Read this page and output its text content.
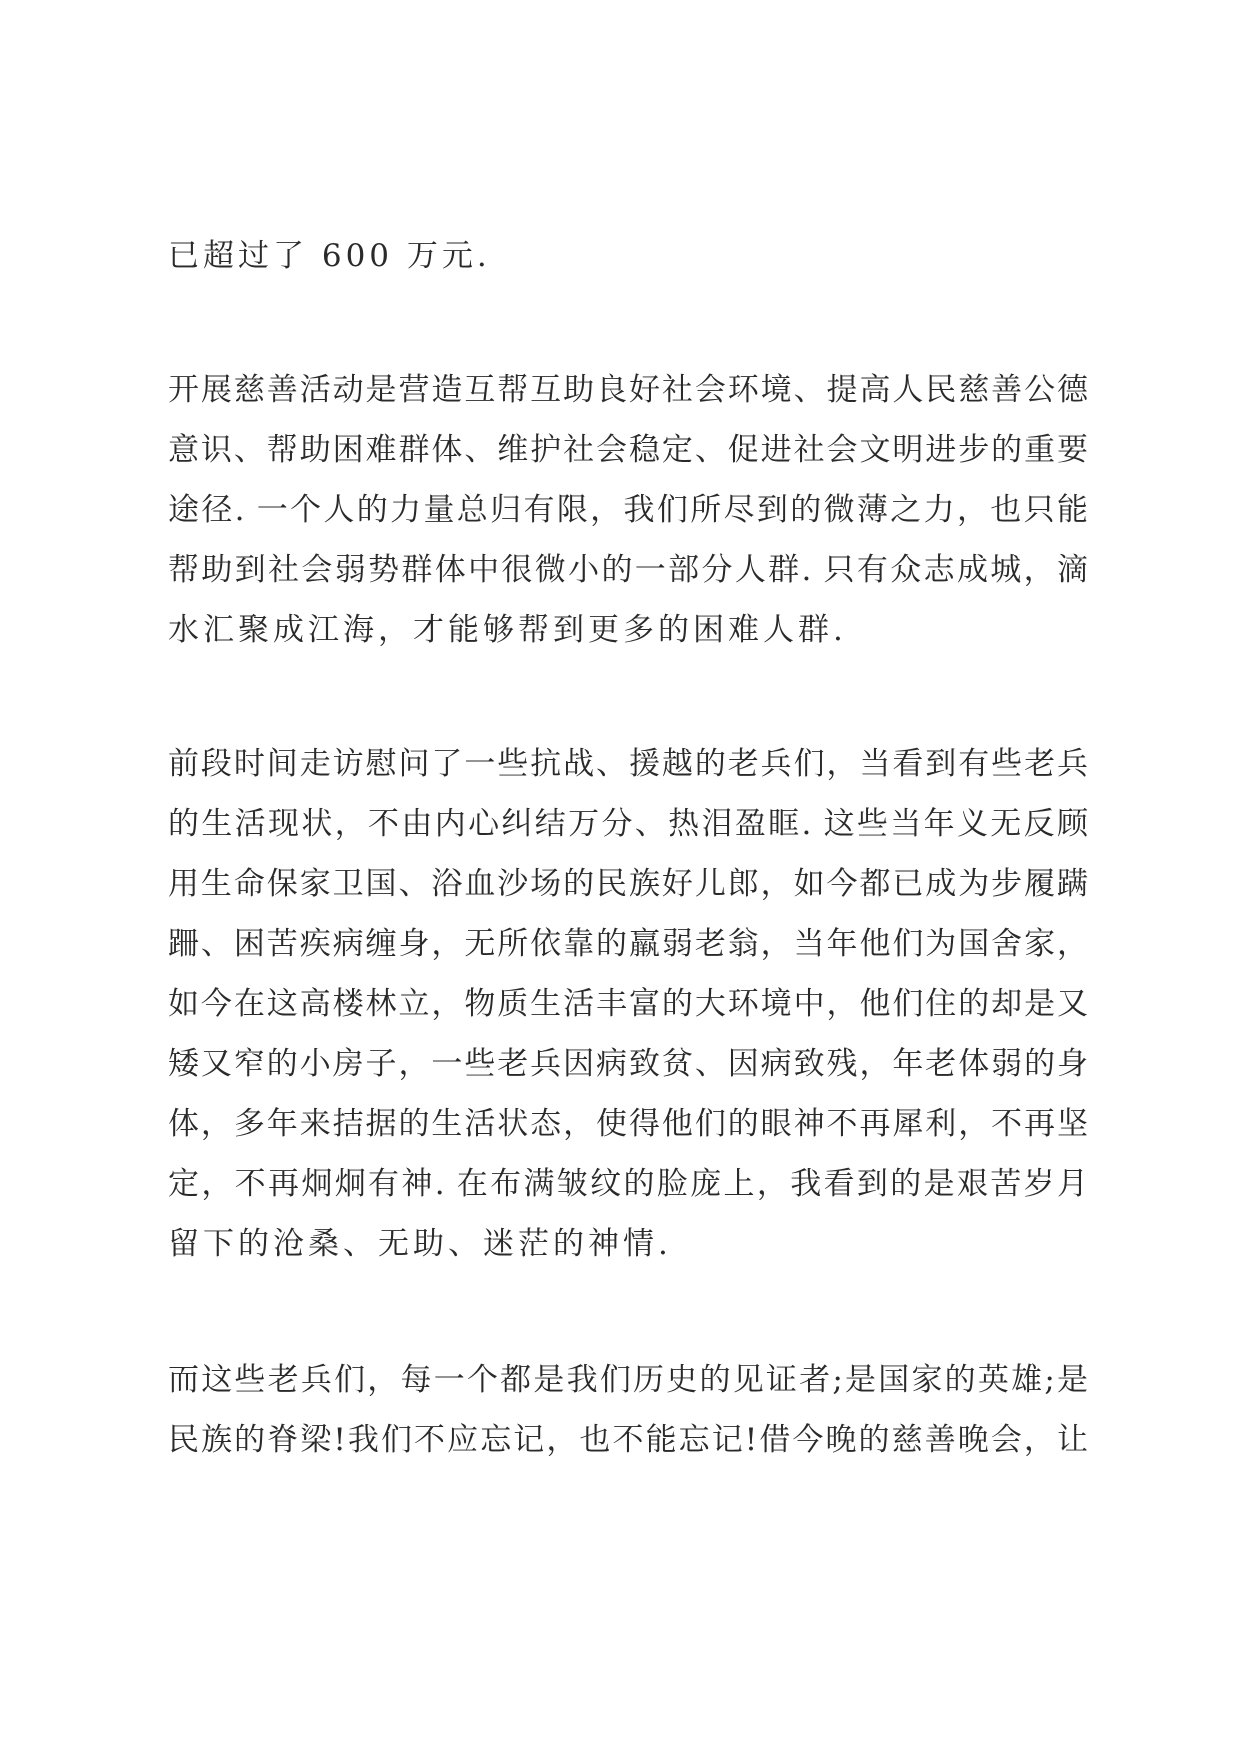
已超过了 600 万元.
开展慈善活动是营造互帮互助良好社会环境、提高人民慈善公德
意识、帮助困难群体、维护社会稳定、促进社会文明进步的重要
途径. 一个人的力量总归有限，我们所尽到的微薄之力，也只能
帮助到社会弱势群体中很微小的一部分人群. 只有众志成城，滴
水汇聚成江海，才能够帮到更多的困难人群.
前段时间走访慰问了一些抗战、援越的老兵们，当看到有些老兵
的生活现状，不由内心纠结万分、热泪盈眶. 这些当年义无反顾
用生命保家卫国、浴血沙场的民族好儿郎，如今都已成为步履蹒
跚、困苦疾病缠身，无所依靠的羸弱老翁，当年他们为国舍家，
如今在这高楼林立，物质生活丰富的大环境中，他们住的却是又
矮又窄的小房子，一些老兵因病致贫、因病致残，年老体弱的身
体，多年来拮据的生活状态，使得他们的眼神不再犀利，不再坚
定，不再炯炯有神. 在布满皱纹的脸庞上，我看到的是艰苦岁月
留下的沧桑、无助、迷茫的神情.
而这些老兵们，每一个都是我们历史的见证者;是国家的英雄;是
民族的脊梁!我们不应忘记，也不能忘记!借今晚的慈善晚会，让
